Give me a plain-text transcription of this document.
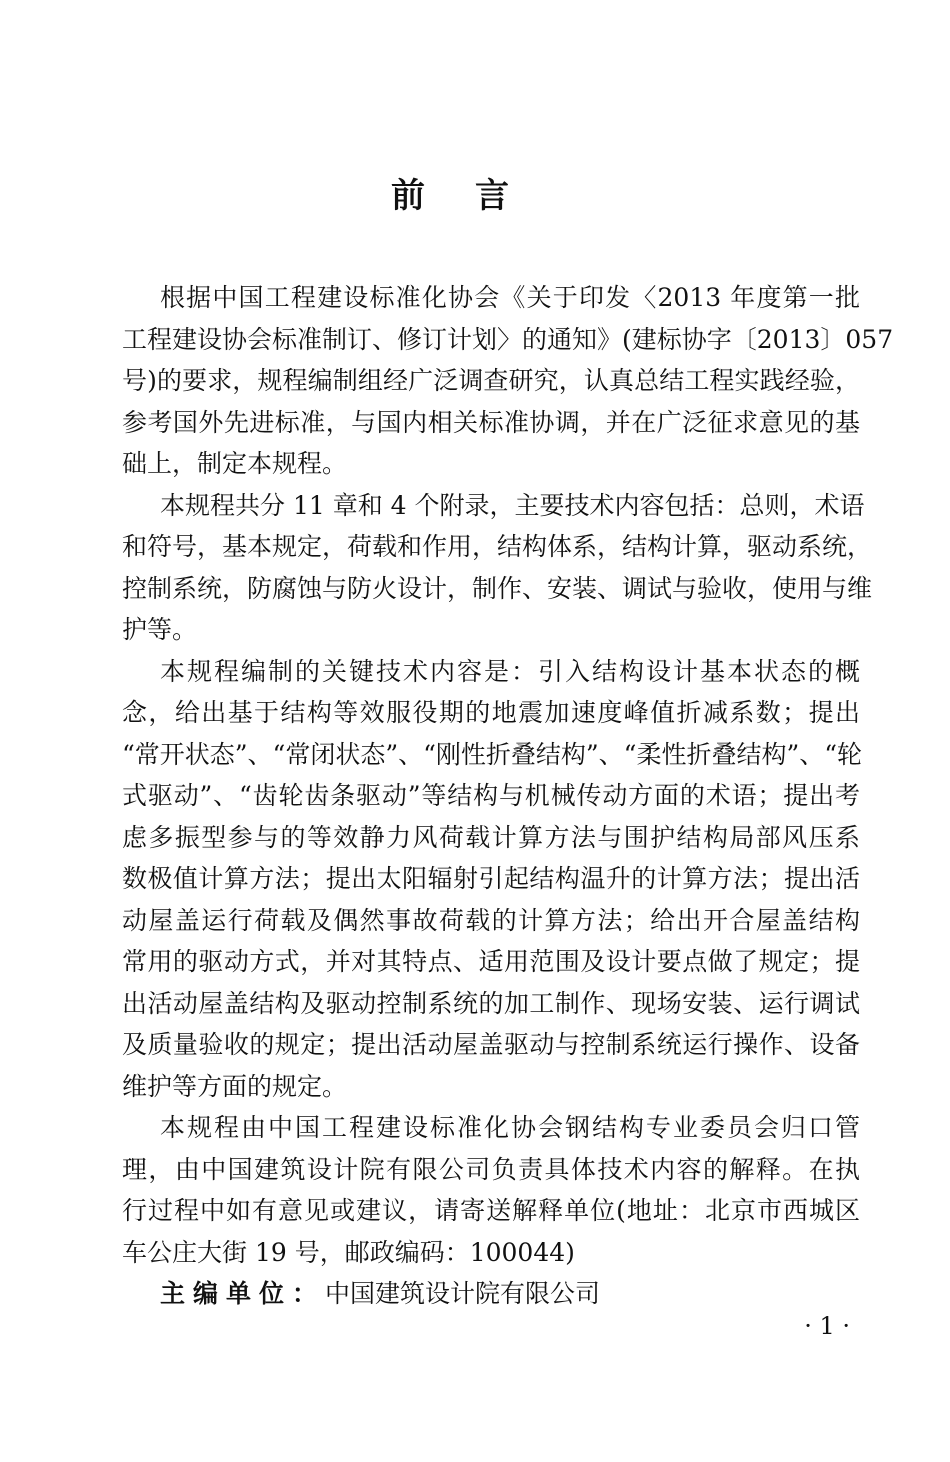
前言
根据中国工程建设标准化协会《关于印发〈2013 年度第一批
工程建设协会标准制订、修订计划〉的通知》(建标协字〔2013〕057
号)的要求，规程编制组经广泛调查研究，认真总结工程实践经验，
参考国外先进标准，与国内相关标准协调，并在广泛征求意见的基
础上，制定本规程。
本规程共分 11 章和 4 个附录，主要技术内容包括：总则，术语
和符号，基本规定，荷载和作用，结构体系，结构计算，驱动系统，
控制系统，防腐蚀与防火设计，制作、安装、调试与验收，使用与维
护等。
本规程编制的关键技术内容是：引入结构设计基本状态的概
念，给出基于结构等效服役期的地震加速度峰值折减系数；提出
“常开状态”、“常闭状态”、“刚性折叠结构”、“柔性折叠结构”、“轮
式驱动”、“齿轮齿条驱动”等结构与机械传动方面的术语；提出考
虑多振型参与的等效静力风荷载计算方法与围护结构局部风压系
数极值计算方法；提出太阳辐射引起结构温升的计算方法；提出活
动屋盖运行荷载及偶然事故荷载的计算方法；给出开合屋盖结构
常用的驱动方式，并对其特点、适用范围及设计要点做了规定；提
出活动屋盖结构及驱动控制系统的加工制作、现场安装、运行调试
及质量验收的规定；提出活动屋盖驱动与控制系统运行操作、设备
维护等方面的规定。
本规程由中国工程建设标准化协会钢结构专业委员会归口管
理，由中国建筑设计院有限公司负责具体技术内容的解释。在执
行过程中如有意见或建议，请寄送解释单位(地址：北京市西城区
车公庄大街 19 号，邮政编码：100044)
主编单位：中国建筑设计院有限公司
· 1 ·
